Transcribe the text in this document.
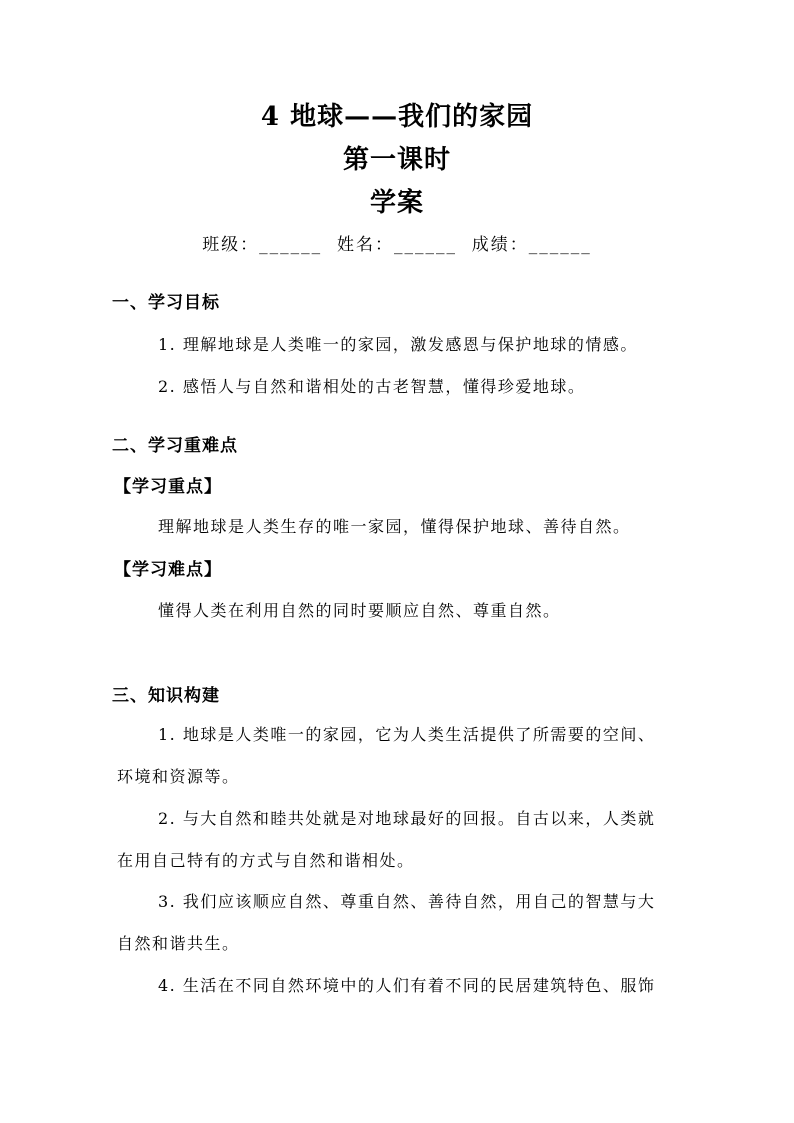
4 地球——我们的家园
第一课时
学案
班级：______  姓名：______  成绩：______
一、学习目标
1. 理解地球是人类唯一的家园，激发感恩与保护地球的情感。
2. 感悟人与自然和谐相处的古老智慧，懂得珍爱地球。
二、学习重难点
【学习重点】
理解地球是人类生存的唯一家园，懂得保护地球、善待自然。
【学习难点】
懂得人类在利用自然的同时要顺应自然、尊重自然。
三、知识构建
1. 地球是人类唯一的家园，它为人类生活提供了所需要的空间、
环境和资源等。
2. 与大自然和睦共处就是对地球最好的回报。自古以来，人类就
在用自己特有的方式与自然和谐相处。
3. 我们应该顺应自然、尊重自然、善待自然，用自己的智慧与大
自然和谐共生。
4. 生活在不同自然环境中的人们有着不同的民居建筑特色、服饰
